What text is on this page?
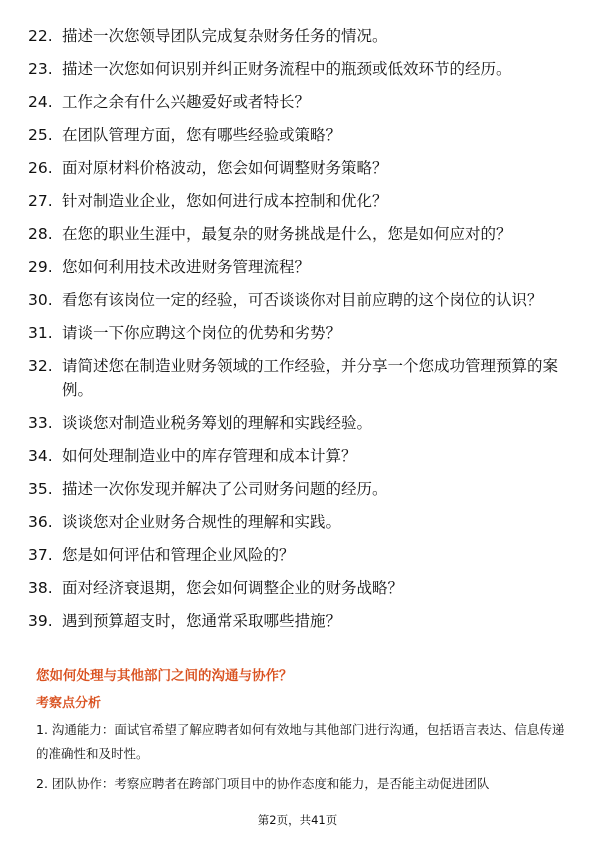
22. 描述一次您领导团队完成复杂财务任务的情况。
23. 描述一次您如何识别并纠正财务流程中的瓶颈或低效环节的经历。
24. 工作之余有什么兴趣爱好或者特长？
25. 在团队管理方面，您有哪些经验或策略？
26. 面对原材料价格波动，您会如何调整财务策略？
27. 针对制造业企业，您如何进行成本控制和优化？
28. 在您的职业生涯中，最复杂的财务挑战是什么，您是如何应对的？
29. 您如何利用技术改进财务管理流程？
30. 看您有该岗位一定的经验，可否谈谈你对目前应聘的这个岗位的认识？
31. 请谈一下你应聘这个岗位的优势和劣势？
32. 请简述您在制造业财务领域的工作经验，并分享一个您成功管理预算的案例。
33. 谈谈您对制造业税务筹划的理解和实践经验。
34. 如何处理制造业中的库存管理和成本计算？
35. 描述一次你发现并解决了公司财务问题的经历。
36. 谈谈您对企业财务合规性的理解和实践。
37. 您是如何评估和管理企业风险的？
38. 面对经济衰退期，您会如何调整企业的财务战略？
39. 遇到预算超支时，您通常采取哪些措施？
您如何处理与其他部门之间的沟通与协作？
考察点分析

1. 沟通能力：面试官希望了解应聘者如何有效地与其他部门进行沟通，包括语言表达、信息传递的准确性和及时性。

2. 团队协作：考察应聘者在跨部门项目中的协作态度和能力，是否能主动促进团队

第2页，共41页
